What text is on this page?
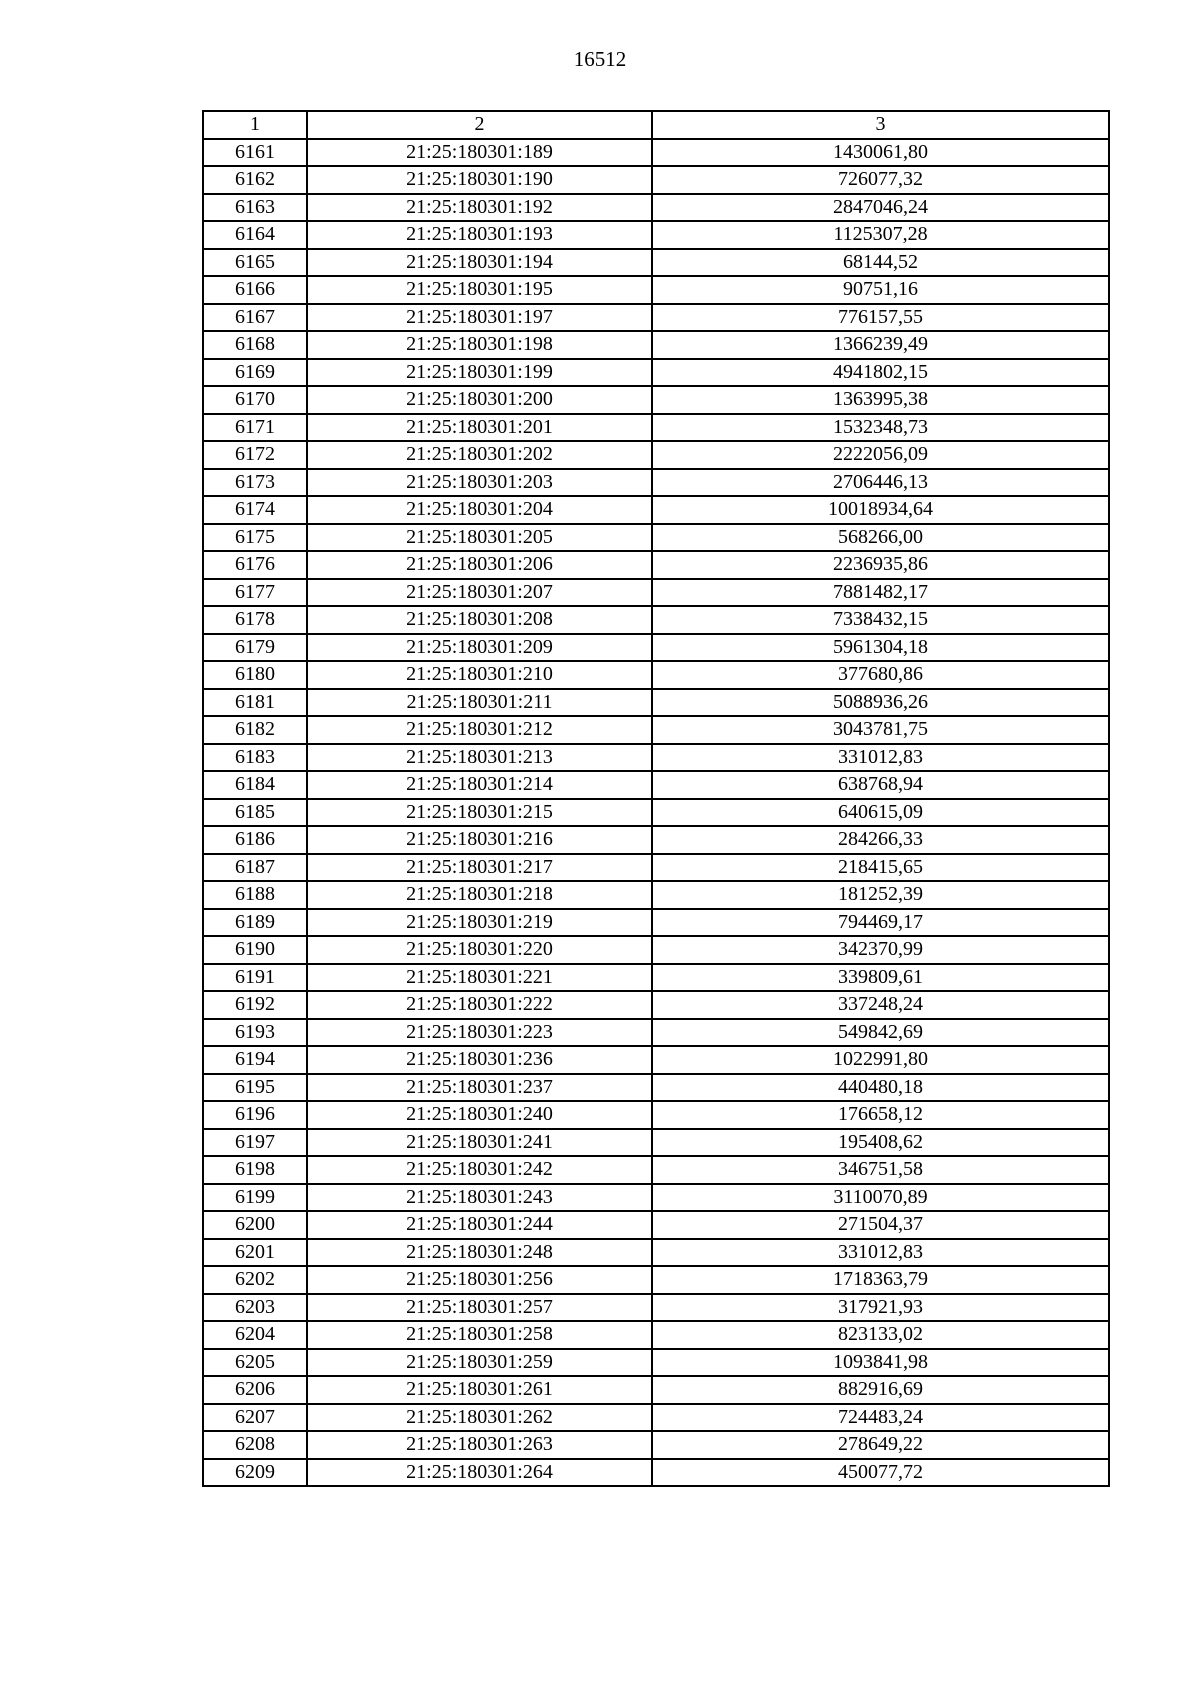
16512
1	2	3
6161	21:25:180301:189	1430061,80
6162	21:25:180301:190	726077,32
6163	21:25:180301:192	2847046,24
6164	21:25:180301:193	1125307,28
6165	21:25:180301:194	68144,52
6166	21:25:180301:195	90751,16
6167	21:25:180301:197	776157,55
6168	21:25:180301:198	1366239,49
6169	21:25:180301:199	4941802,15
6170	21:25:180301:200	1363995,38
6171	21:25:180301:201	1532348,73
6172	21:25:180301:202	2222056,09
6173	21:25:180301:203	2706446,13
6174	21:25:180301:204	10018934,64
6175	21:25:180301:205	568266,00
6176	21:25:180301:206	2236935,86
6177	21:25:180301:207	7881482,17
6178	21:25:180301:208	7338432,15
6179	21:25:180301:209	5961304,18
6180	21:25:180301:210	377680,86
6181	21:25:180301:211	5088936,26
6182	21:25:180301:212	3043781,75
6183	21:25:180301:213	331012,83
6184	21:25:180301:214	638768,94
6185	21:25:180301:215	640615,09
6186	21:25:180301:216	284266,33
6187	21:25:180301:217	218415,65
6188	21:25:180301:218	181252,39
6189	21:25:180301:219	794469,17
6190	21:25:180301:220	342370,99
6191	21:25:180301:221	339809,61
6192	21:25:180301:222	337248,24
6193	21:25:180301:223	549842,69
6194	21:25:180301:236	1022991,80
6195	21:25:180301:237	440480,18
6196	21:25:180301:240	176658,12
6197	21:25:180301:241	195408,62
6198	21:25:180301:242	346751,58
6199	21:25:180301:243	3110070,89
6200	21:25:180301:244	271504,37
6201	21:25:180301:248	331012,83
6202	21:25:180301:256	1718363,79
6203	21:25:180301:257	317921,93
6204	21:25:180301:258	823133,02
6205	21:25:180301:259	1093841,98
6206	21:25:180301:261	882916,69
6207	21:25:180301:262	724483,24
6208	21:25:180301:263	278649,22
6209	21:25:180301:264	450077,72
